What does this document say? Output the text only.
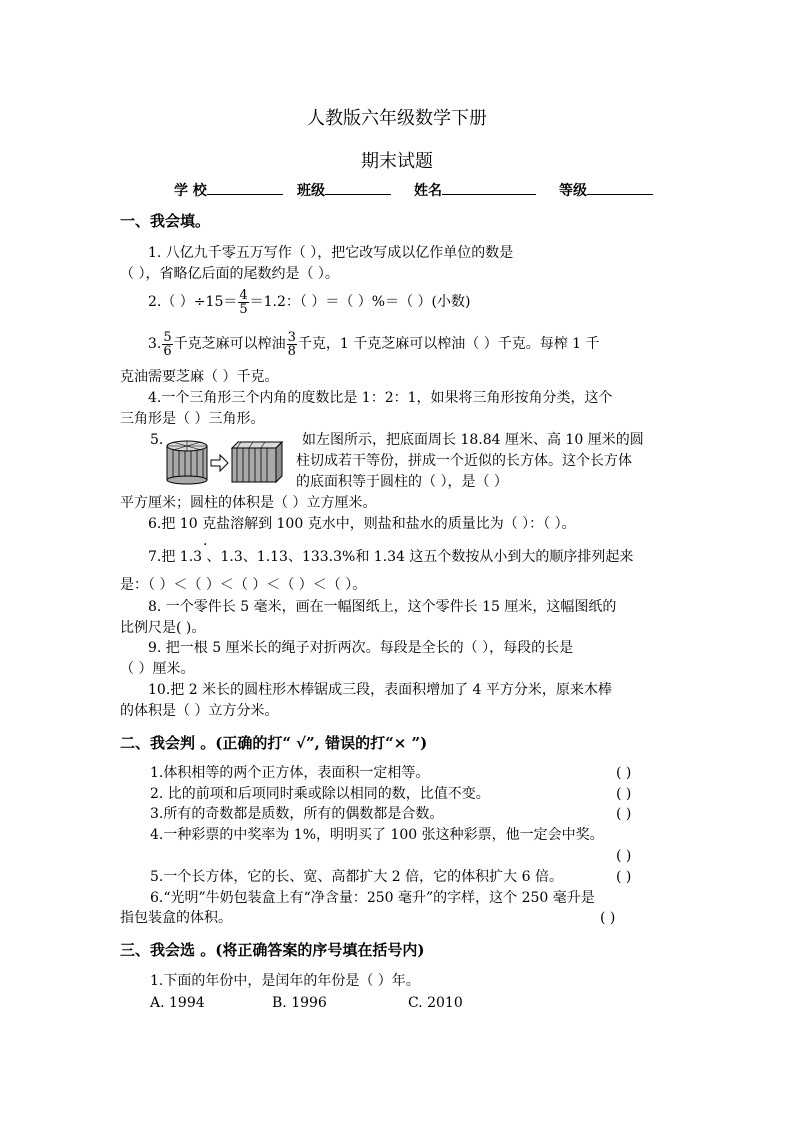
人教版六年级数学下册
期末试题
学 校	班级	姓名	等级
一、我会填。
1. 八亿九千零五万写作（ ），把它改写成以亿作单位的数是
（ ），省略亿后面的尾数约是（ ）。
2.（ ）$\div 15= \frac{4}{5} =1.2$：（ ）＝（ ）%＝（ ）(小数)
3. $\frac{5}{6}$ 千克芝麻可以榨油 $\frac{3}{8}$ 千克，1 千克芝麻可以榨油（ ）千克。每榨 1 千
克油需要芝麻（ ）千克。
4.一个三角形三个内角的度数比是 1：2：1，如果将三角形按角分类，这个
三角形是（ ）三角形。
5.	如左图所示，把底面周长 18.84 厘米、高 10 厘米的圆
柱切成若干等份，拼成一个近似的长方体。这个长方体
的底面积等于圆柱的（ ），是（ ）
平方厘米；圆柱的体积是（ ）立方厘米。
6.把 10 克盐溶解到 100 克水中，则盐和盐水的质量比为（ ）：（ ）。
7.把 1.3 、1.3、1.13、133.3%和 1.34 这五个数按从小到大的顺序排列起来
·
是：（ ）＜（ ）＜（ ）＜（ ）＜（ ）。
8. 一个零件长 5 毫米，画在一幅图纸上，这个零件长 15 厘米，这幅图纸的
比例尺是( )。
9. 把一根 5 厘米长的绳子对折两次。每段是全长的（ ），每段的长是
（ ）厘米。
10.把 2 米长的圆柱形木棒锯成三段，表面积增加了 4 平方分米，原来木棒
的体积是（ ）立方分米。
二、我会判 。(正确的打“ √”, 错误的打“× ”)
1.体积相等的两个正方体，表面积一定相等。	( )
2. 比的前项和后项同时乘或除以相同的数，比值不变。	( )
3.所有的奇数都是质数，所有的偶数都是合数。	( )
4.一种彩票的中奖率为 1%，明明买了 100 张这种彩票，他一定会中奖。
( )
5.一个长方体，它的长、宽、高都扩大 2 倍，它的体积扩大 6 倍。	( )
6.“光明”牛奶包装盒上有“净含量：250 毫升”的字样，这个 250 毫升是
指包装盒的体积。	( )
三、我会选 。(将正确答案的序号填在括号内)
1.下面的年份中，是闰年的年份是（ ）年。
A. 1994	B. 1996	C. 2010
